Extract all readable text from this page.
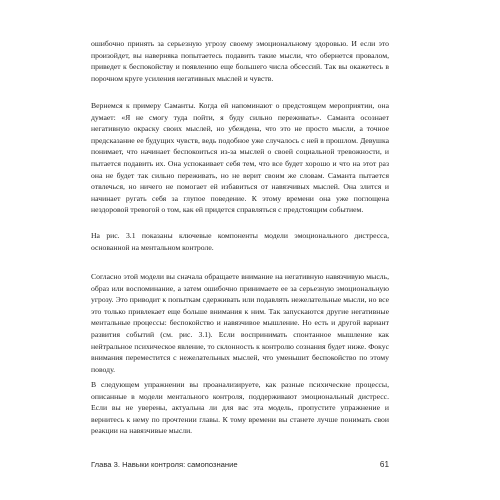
ошибочно принять за серьезную угрозу своему эмоциональному здоровью. И если это произойдет, вы наверняка попытаетесь подавить такие мысли, что обернется провалом, приведет к беспокойству и появлению еще большего числа обсессий. Так вы окажетесь в порочном круге усиления негативных мыслей и чувств.

Вернемся к примеру Саманты. Когда ей напоминают о предстоящем мероприятии, она думает: «Я не смогу туда пойти, я буду сильно переживать». Саманта осознает негативную окраску своих мыслей, но убеждена, что это не просто мысли, а точное предсказание ее будущих чувств, ведь подобное уже случалось с ней в прошлом. Девушка понимает, что начинает беспокоиться из-за мыслей о своей социальной тревожности, и пытается подавить их. Она успокаивает себя тем, что все будет хорошо и что на этот раз она не будет так сильно переживать, но не верит своим же словам. Саманта пытается отвлечься, но ничего не помогает ей избавиться от навязчивых мыслей. Она злится и начинает ругать себя за глупое поведение. К этому времени она уже поглощена нездоровой тревогой о том, как ей придется справляться с предстоящим событием.

На рис. 3.1 показаны ключевые компоненты модели эмоционального дистресса, основанной на ментальном контроле.

Согласно этой модели вы сначала обращаете внимание на негативную навязчивую мысль, образ или воспоминание, а затем ошибочно принимаете ее за серьезную эмоциональную угрозу. Это приводит к попыткам сдерживать или подавлять нежелательные мысли, но все это только привлекает еще больше внимания к ним. Так запускаются другие негативные ментальные процессы: беспокойство и навязчивое мышление. Но есть и другой вариант развития событий (см. рис. 3.1). Если воспринимать спонтанное мышление как нейтральное психическое явление, то склонность к контролю сознания будет ниже. Фокус внимания переместится с нежелательных мыслей, что уменьшит беспокойство по этому поводу.

В следующем упражнении вы проанализируете, как разные психические процессы, описанные в модели ментального контроля, поддерживают эмоциональный дистресс. Если вы не уверены, актуальна ли для вас эта модель, пропустите упражнение и вернитесь к нему по прочтении главы. К тому времени вы станете лучше понимать свои реакции на навязчивые мысли.

Глава 3. Навыки контроля: самопознание	61
